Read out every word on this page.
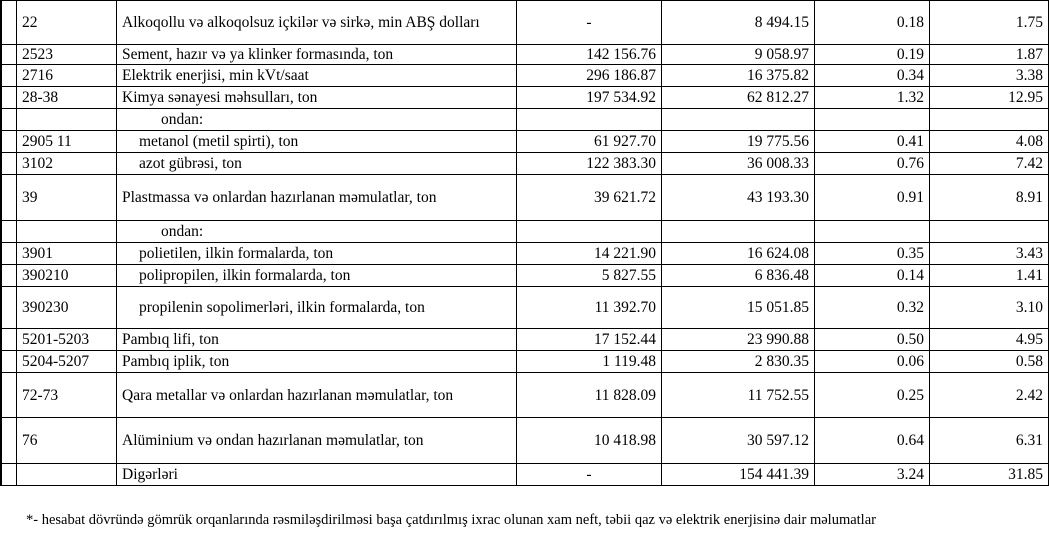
	22	Alkoqollu və alkoqolsuz içkilər və sirkə, min ABŞ dolları	-	8 494.15	0.18	1.75
	2523	Sement, hazır və ya klinker formasında, ton	142 156.76	9 058.97	0.19	1.87
	2716	Elektrik enerjisi, min kVt/saat	296 186.87	16 375.82	0.34	3.38
	28-38	Kimya sənayesi məhsulları, ton	197 534.92	62 812.27	1.32	12.95
		ondan:				
	2905 11	metanol (metil spirti), ton	61 927.70	19 775.56	0.41	4.08
	3102	azot gübrəsi, ton	122 383.30	36 008.33	0.76	7.42
	39	Plastmassa və onlardan hazırlanan məmulatlar, ton	39 621.72	43 193.30	0.91	8.91
		ondan:				
	3901	polietilen, ilkin formalarda, ton	14 221.90	16 624.08	0.35	3.43
	390210	polipropilen, ilkin formalarda, ton	5 827.55	6 836.48	0.14	1.41
	390230	propilenin sopolimerləri, ilkin formalarda, ton	11 392.70	15 051.85	0.32	3.10
	5201-5203	Pambıq lifi, ton	17 152.44	23 990.88	0.50	4.95
	5204-5207	Pambıq iplik, ton	1 119.48	2 830.35	0.06	0.58
	72-73	Qara metallar və onlardan hazırlanan məmulatlar, ton	11 828.09	11 752.55	0.25	2.42
	76	Alüminium və ondan hazırlanan məmulatlar, ton	10 418.98	30 597.12	0.64	6.31
		Digərləri	-	154 441.39	3.24	31.85
*- hesabat dövründə gömrük orqanlarında rəsmiləşdirilməsi başa çatdırılmış ixrac olunan xam neft, təbii qaz və elektrik enerjisinə dair məlumatlar
